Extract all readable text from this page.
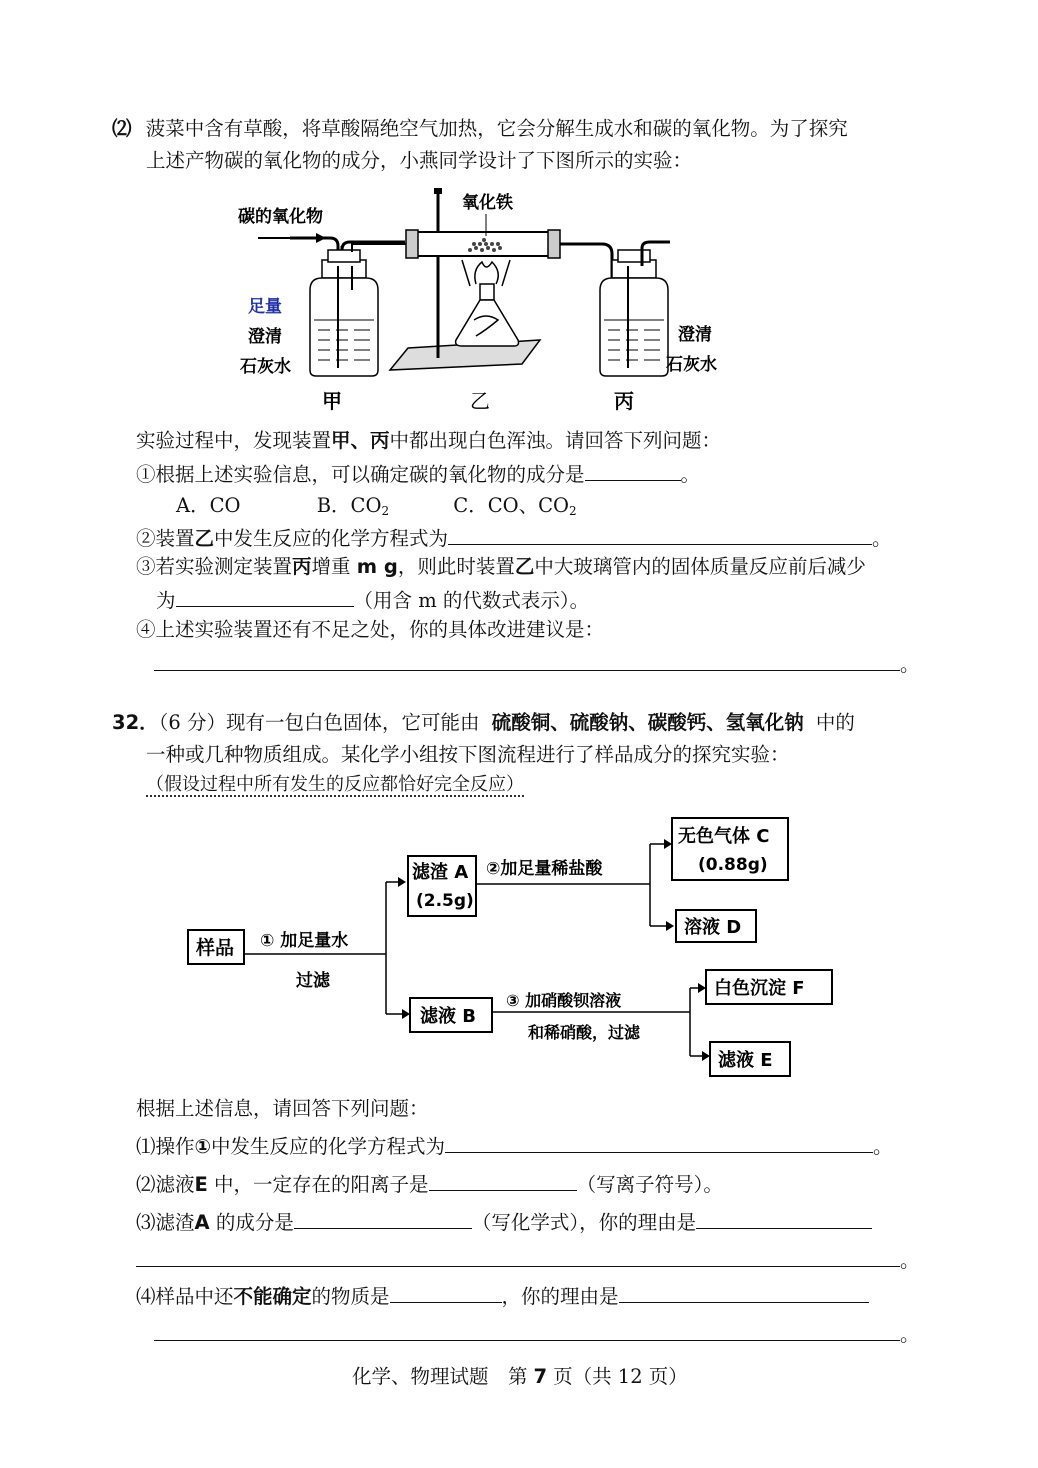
⑵ 菠菜中含有草酸，将草酸隔绝空气加热，它会分解生成水和碳的氧化物。为了探究
上述产物碳的氧化物的成分，小燕同学设计了下图所示的实验：
碳的氧化物
足量
澄清
石灰水
氧化铁
澄清
石灰水
甲	乙	丙
实验过程中，发现装置甲、丙中都出现白色浑浊。请回答下列问题：
①根据上述实验信息，可以确定碳的氧化物的成分是	。
A．CO	B．$CO_2$	C．CO、$CO_2$
②装置乙中发生反应的化学方程式为	。
③若实验测定装置丙增重 m g，则此时装置乙中大玻璃管内的固体质量反应前后减少
为	（用含 m 的代数式表示）。
④上述实验装置还有不足之处，你的具体改进建议是：
。
32．（6 分）现有一包白色固体，它可能由 硫酸铜、硫酸钠、碳酸钙、氢氧化钠 中的
一种或几种物质组成。某化学小组按下图流程进行了样品成分的探究实验：
（假设过程中所有发生的反应都恰好完全反应）
样品 ① 加足量水
过滤
滤渣 A
(2.5g)
②加足量稀盐酸
无色气体 C
(0.88g)
溶液 D
滤液 B
③ 加硝酸钡溶液
和稀硝酸，过滤
白色沉淀 F
滤液 E
根据上述信息，请回答下列问题：
⑴操作①中发生反应的化学方程式为	。
⑵滤液E 中，一定存在的阳离子是	（写离子符号）。
⑶滤渣A 的成分是	（写化学式），你的理由是
。
⑷样品中还不能确定的物质是	，你的理由是
。
化学、物理试题　第 7 页（共 12 页）
